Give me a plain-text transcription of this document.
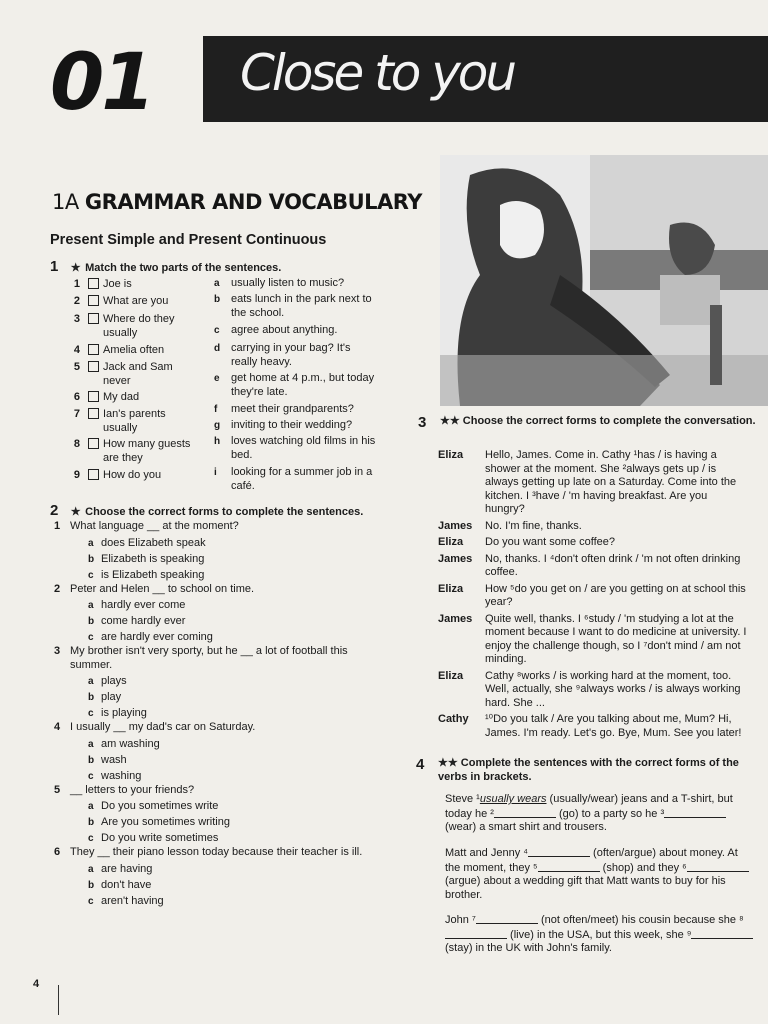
01 Close to you
1A GRAMMAR AND VOCABULARY
Present Simple and Present Continuous
1 ★ Match the two parts of the sentences.
1 Joe is
2 What are you
3 Where do they usually
4 Amelia often
5 Jack and Sam never
6 My dad
7 Ian's parents usually
8 How many guests are they
9 How do you
a usually listen to music?
b eats lunch in the park next to the school.
c agree about anything.
d carrying in your bag? It's really heavy.
e get home at 4 p.m., but today they're late.
f meet their grandparents?
g inviting to their wedding?
h loves watching old films in his bed.
i looking for a summer job in a café.
2 ★ Choose the correct forms to complete the sentences.
1 What language __ at the moment?
a does Elizabeth speak
b Elizabeth is speaking
c is Elizabeth speaking
2 Peter and Helen __ to school on time.
a hardly ever come
b come hardly ever
c are hardly ever coming
3 My brother isn't very sporty, but he __ a lot of football this summer.
a plays
b play
c is playing
4 I usually __ my dad's car on Saturday.
a am washing
b wash
c washing
5 __ letters to your friends?
a Do you sometimes write
b Are you sometimes writing
c Do you write sometimes
6 They __ their piano lesson today because their teacher is ill.
a are having
b don't have
c aren't having
3 ★★ Choose the correct forms to complete the conversation.
Eliza	Hello, James. Come in. Cathy ¹has / is having a shower at the moment. She ²always gets up / is always getting up late on a Saturday. Come into the kitchen. I ³have / 'm having breakfast. Are you hungry?
James	No. I'm fine, thanks.
Eliza	Do you want some coffee?
James	No, thanks. I ⁴don't often drink / 'm not often drinking coffee.
Eliza	How ⁵do you get on / are you getting on at school this year?
James	Quite well, thanks. I ⁶study / 'm studying a lot at the moment because I want to do medicine at university. I enjoy the challenge though, so I ⁷don't mind / am not minding.
Eliza	Cathy ⁸works / is working hard at the moment, too. Well, actually, she ⁹always works / is always working hard. She ...
Cathy	¹⁰Do you talk / Are you talking about me, Mum? Hi, James. I'm ready. Let's go. Bye, Mum. See you later!
4 ★★ Complete the sentences with the correct forms of the verbs in brackets.
Steve ¹usually wears (usually/wear) jeans and a T-shirt, but today he ²	(go) to a party so he ³ (wear) a smart shirt and trousers.
Matt and Jenny ⁴	(often/argue) about money. At the moment, they ⁵	(shop) and they ⁶ (argue) about a wedding gift that Matt wants to buy for his brother.
John ⁷	(not often/meet) his cousin because she ⁸ (live) in the USA, but this week, she ⁹ (stay) in the UK with John's family.
4
